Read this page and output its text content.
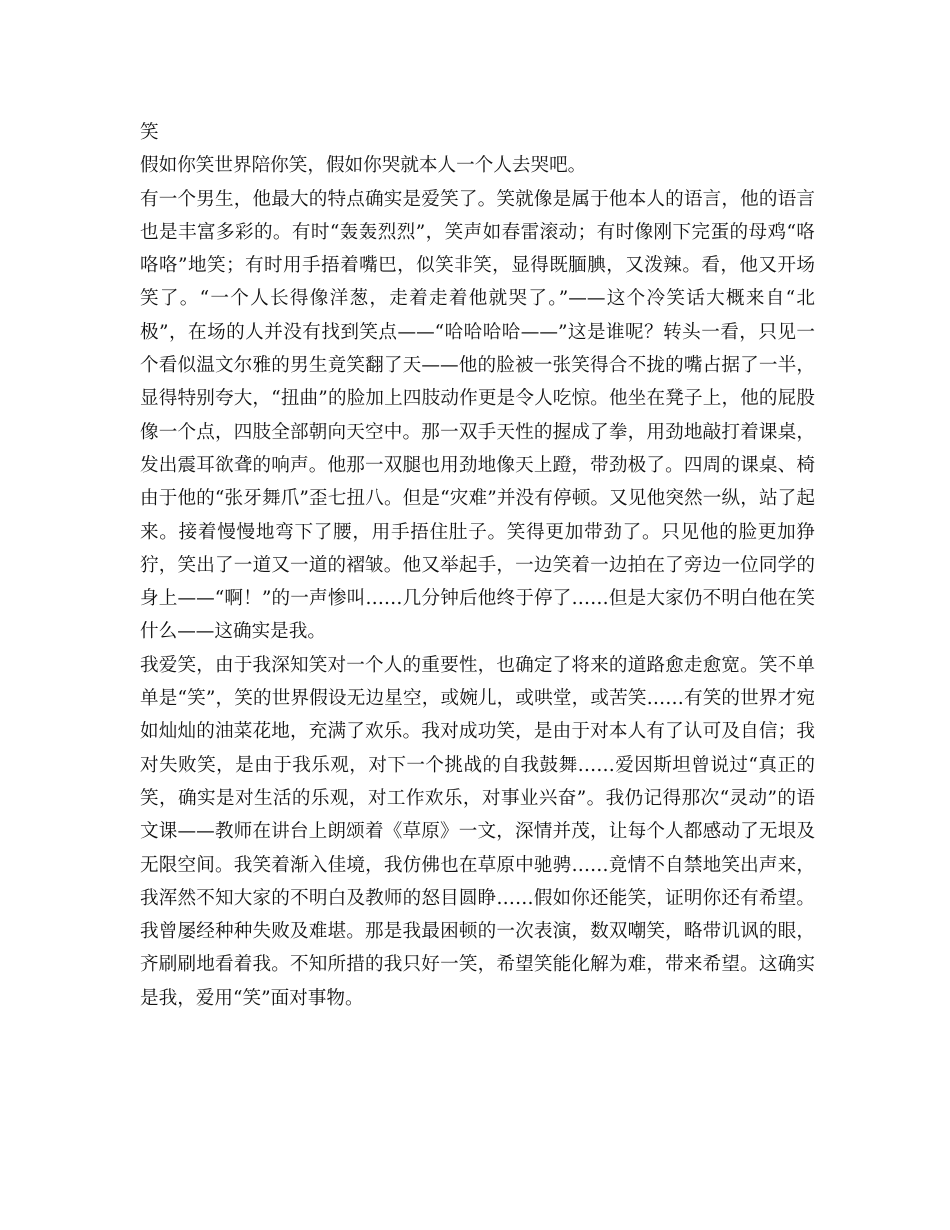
笑

假如你笑世界陪你笑，假如你哭就本人一个人去哭吧。

有一个男生，他最大的特点确实是爱笑了。笑就像是属于他本人的语言，他的语言也是丰富多彩的。有时“轰轰烈烈”，笑声如春雷滚动；有时像刚下完蛋的母鸡“咯咯咯”地笑；有时用手捂着嘴巴，似笑非笑，显得既腼腆，又泼辣。看，他又开场笑了。“一个人长得像洋葱，走着走着他就哭了。”——这个冷笑话大概来自“北极”，在场的人并没有找到笑点——“哈哈哈哈——”这是谁呢？转头一看，只见一个看似温文尔雅的男生竟笑翻了天——他的脸被一张笑得合不拢的嘴占据了一半，显得特别夸大，“扭曲”的脸加上四肢动作更是令人吃惊。他坐在凳子上，他的屁股像一个点，四肢全部朝向天空中。那一双手天性的握成了拳，用劲地敲打着课桌，发出震耳欲聋的响声。他那一双腿也用劲地像天上蹬，带劲极了。四周的课桌、椅由于他的“张牙舞爪”歪七扭八。但是“灾难”并没有停顿。又见他突然一纵，站了起来。接着慢慢地弯下了腰，用手捂住肚子。笑得更加带劲了。只见他的脸更加狰狞，笑出了一道又一道的褶皱。他又举起手，一边笑着一边拍在了旁边一位同学的身上——“啊！”的一声惨叫……几分钟后他终于停了……但是大家仍不明白他在笑什么——这确实是我。

我爱笑，由于我深知笑对一个人的重要性，也确定了将来的道路愈走愈宽。笑不单单是“笑”，笑的世界假设无边星空，或婉儿，或哄堂，或苦笑……有笑的世界才宛如灿灿的油菜花地，充满了欢乐。我对成功笑，是由于对本人有了认可及自信；我对失败笑，是由于我乐观，对下一个挑战的自我鼓舞……爱因斯坦曾说过“真正的笑，确实是对生活的乐观，对工作欢乐，对事业兴奋”。我仍记得那次“灵动”的语文课——教师在讲台上朗颂着《草原》一文，深情并茂，让每个人都感动了无垠及无限空间。我笑着渐入佳境，我仿佛也在草原中驰骋……竟情不自禁地笑出声来，我浑然不知大家的不明白及教师的怒目圆睁……假如你还能笑，证明你还有希望。我曾屡经种种失败及难堪。那是我最困顿的一次表演，数双嘲笑，略带讥讽的眼，齐刷刷地看着我。不知所措的我只好一笑，希望笑能化解为难，带来希望。这确实是我，爱用“笑”面对事物。
